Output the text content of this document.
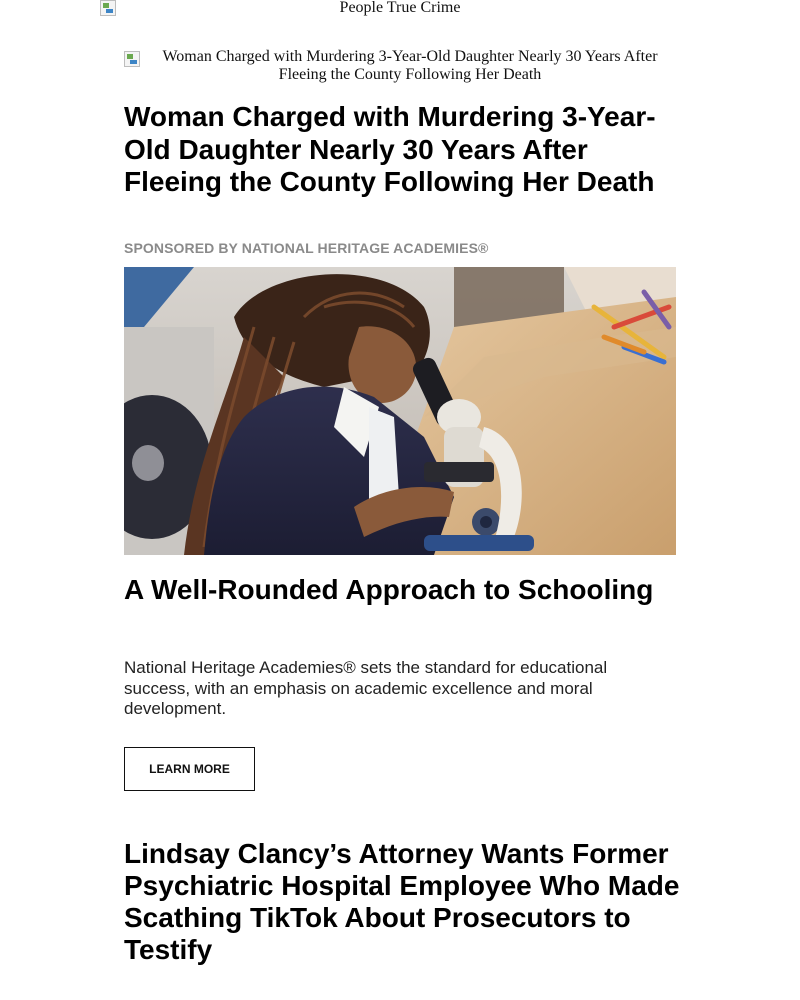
People True Crime
Woman Charged with Murdering 3-Year-Old Daughter Nearly 30 Years After Fleeing the County Following Her Death
Woman Charged with Murdering 3-Year-Old Daughter Nearly 30 Years After Fleeing the County Following Her Death
SPONSORED BY NATIONAL HERITAGE ACADEMIES®
A Well-Rounded Approach to Schooling

National Heritage Academies® sets the standard for educational success, with an emphasis on academic excellence and moral development.

LEARN MORE
Lindsay Clancy’s Attorney Wants Former Psychiatric Hospital Employee Who Made Scathing TikTok About Prosecutors to Testify
